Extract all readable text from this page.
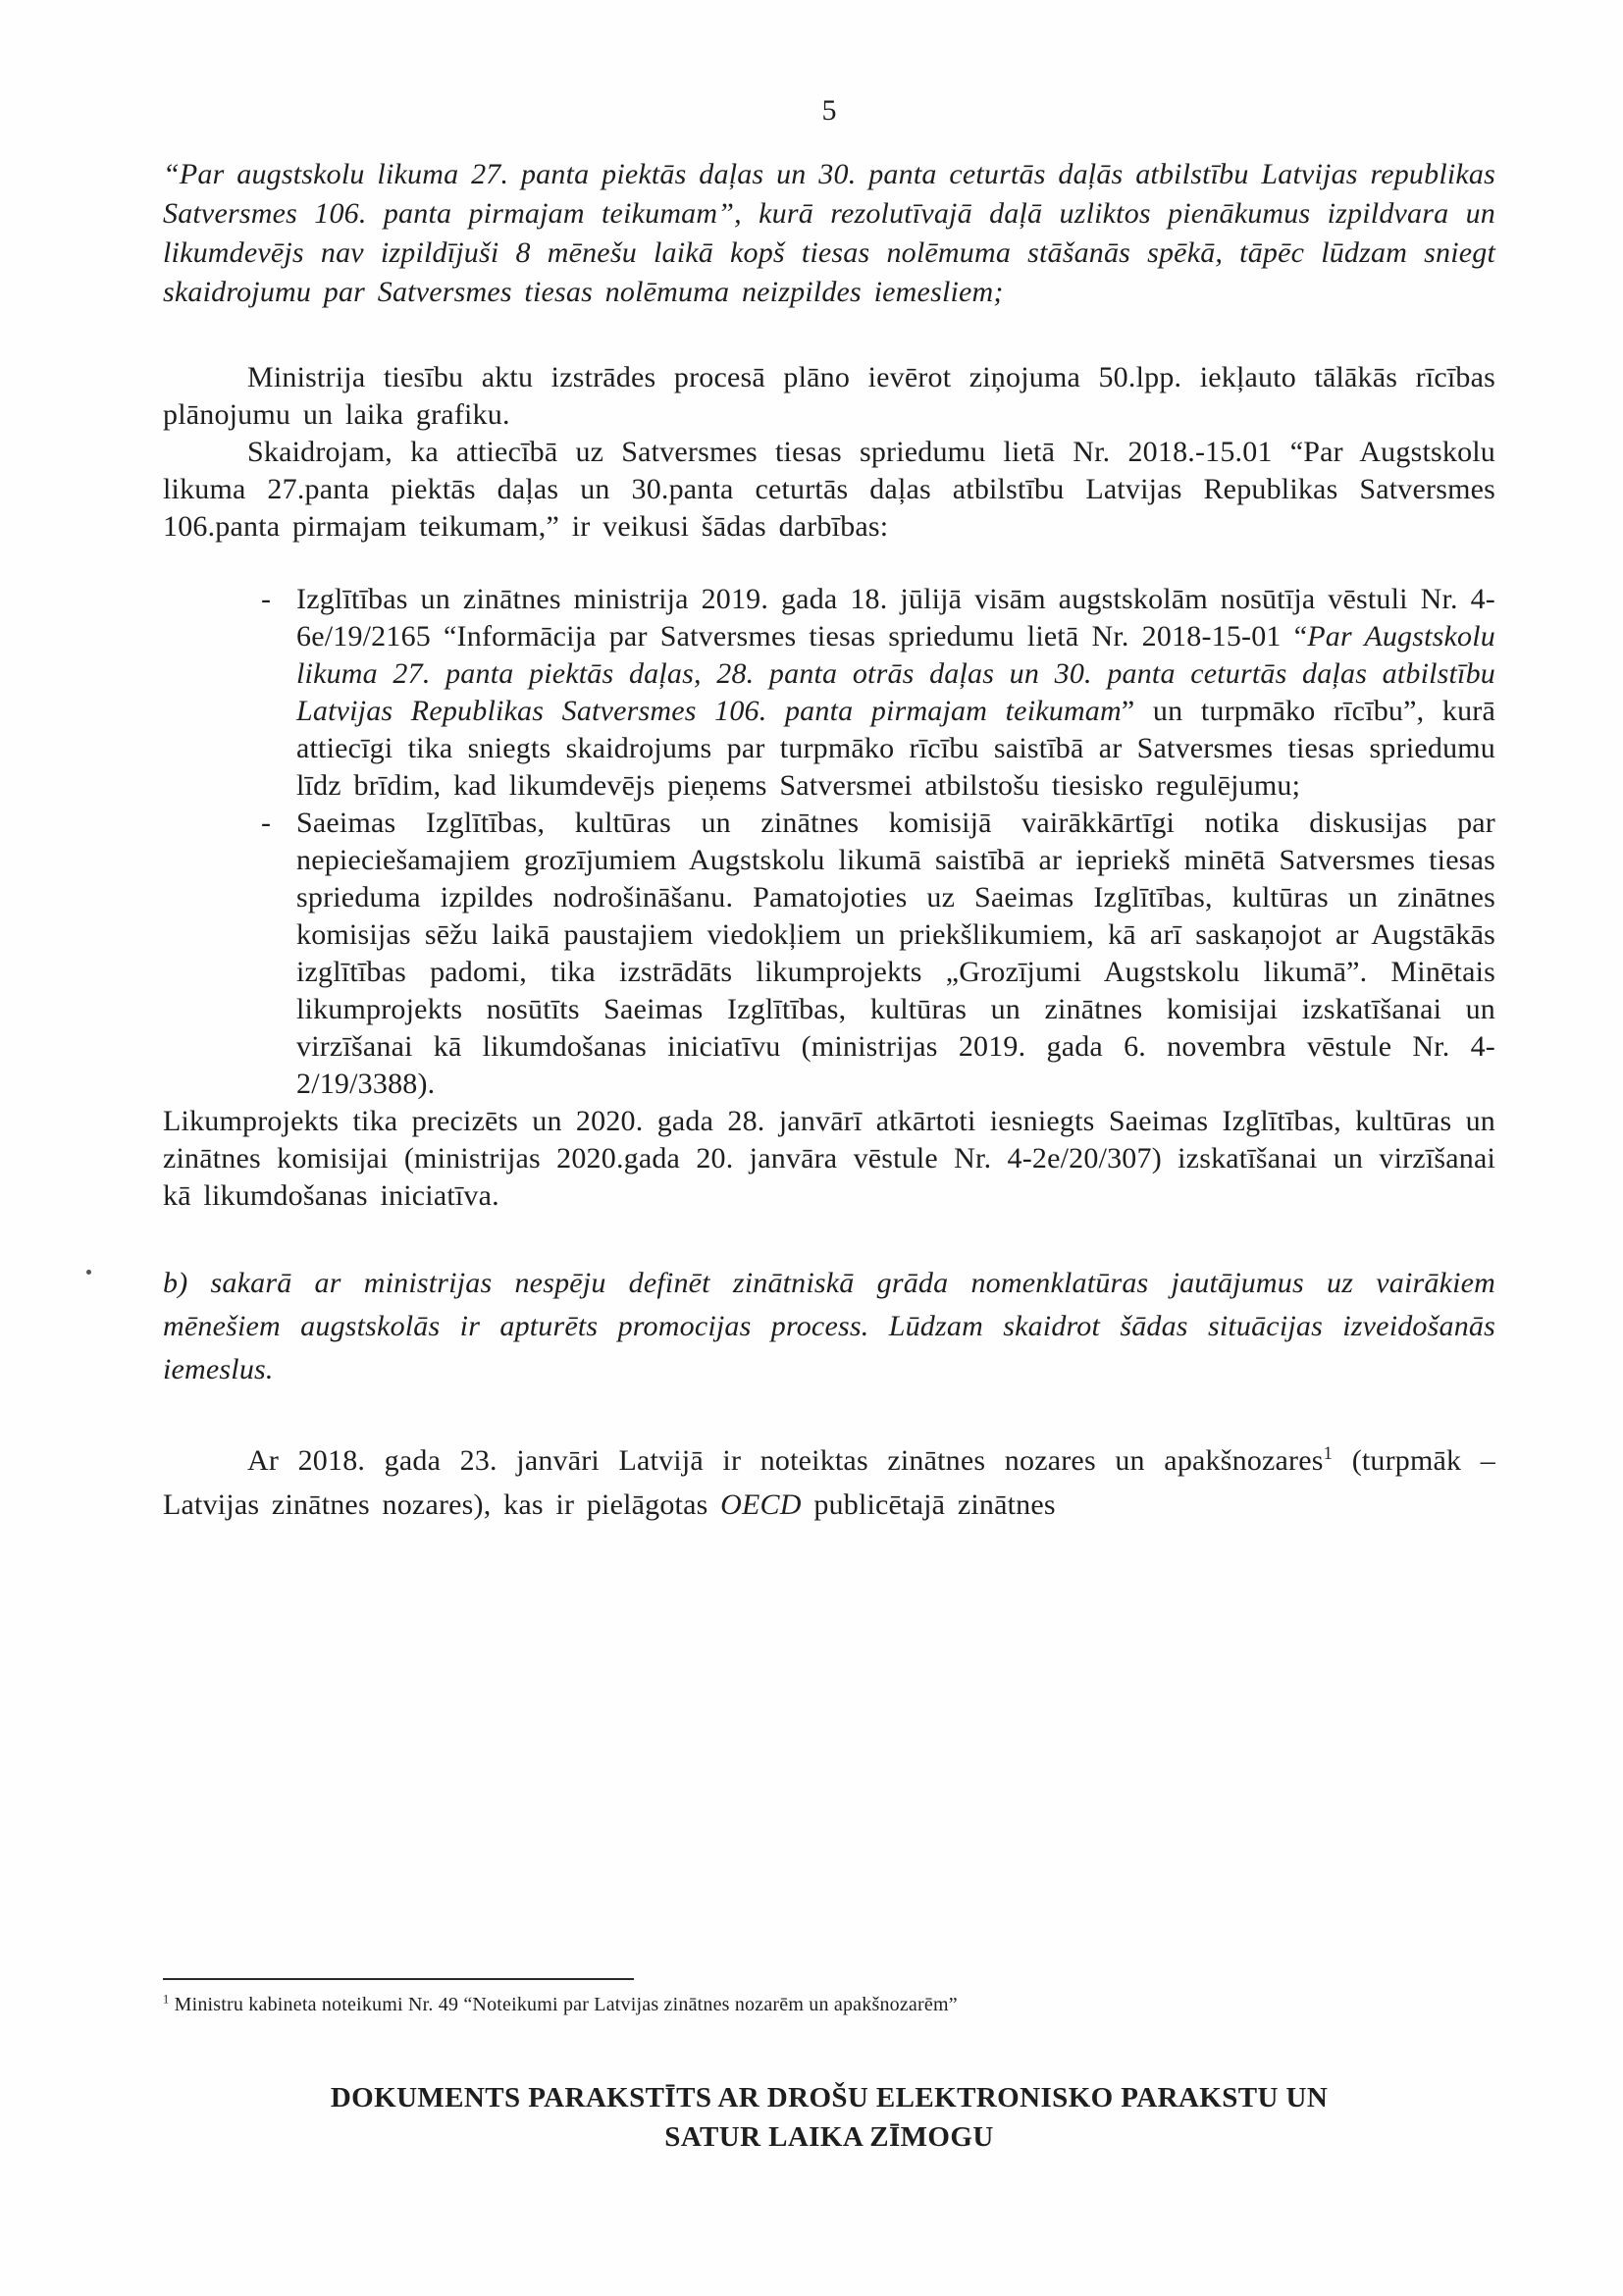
5

“Par augstskolu likuma 27. panta piektās daļas un 30. panta ceturtās daļās atbilstību Latvijas republikas Satversmes 106. panta pirmajam teikumam”, kurā rezolutīvajā daļā uzliktos pienākumus izpildvara un likumdevējs nav izpildījuši 8 mēnešu laikā kopš tiesas nolēmuma stāšanās spēkā, tāpēc lūdzam sniegt skaidrojumu par Satversmes tiesas nolēmuma neizpildes iemesliem;

Ministrija tiesību aktu izstrādes procesā plāno ievērot ziņojuma 50.lpp. iekļauto tālākās rīcības plānojumu un laika grafiku.

Skaidrojam, ka attiecībā uz Satversmes tiesas spriedumu lietā Nr. 2018.-15.01 “Par Augstskolu likuma 27.panta piektās daļas un 30.panta ceturtās daļas atbilstību Latvijas Republikas Satversmes 106.panta pirmajam teikumam,” ir veikusi šādas darbības:

- Izglītības un zinātnes ministrija 2019. gada 18. jūlijā visām augstskolām nosūtīja vēstuli Nr. 4-6e/19/2165 “Informācija par Satversmes tiesas spriedumu lietā Nr. 2018-15-01 “Par Augstskolu likuma 27. panta piektās daļas, 28. panta otrās daļas un 30. panta ceturtās daļas atbilstību Latvijas Republikas Satversmes 106. panta pirmajam teikumam” un turpmāko rīcību”, kurā attiecīgi tika sniegts skaidrojums par turpmāko rīcību saistībā ar Satversmes tiesas spriedumu līdz brīdim, kad likumdevējs pieņems Satversmei atbilstošu tiesisko regulējumu;
- Saeimas Izglītības, kultūras un zinātnes komisijā vairākkārtīgi notika diskusijas par nepieciešamajiem grozījumiem Augstskolu likumā saistībā ar iepriekš minētā Satversmes tiesas sprieduma izpildes nodrošināšanu. Pamatojoties uz Saeimas Izglītības, kultūras un zinātnes komisijas sēžu laikā paustajiem viedokļiem un priekšlikumiem, kā arī saskaņojot ar Augstākās izglītības padomi, tika izstrādāts likumprojekts „Grozījumi Augstskolu likumā”. Minētais likumprojekts nosūtīts Saeimas Izglītības, kultūras un zinātnes komisijai izskatīšanai un virzīšanai kā likumdošanas iniciatīvu (ministrijas 2019. gada 6. novembra vēstule Nr. 4-2/19/3388).

Likumprojekts tika precizēts un 2020. gada 28. janvārī atkārtoti iesniegts Saeimas Izglītības, kultūras un zinātnes komisijai (ministrijas 2020.gada 20. janvāra vēstule Nr. 4-2e/20/307) izskatīšanai un virzīšanai kā likumdošanas iniciatīva.

b) sakarā ar ministrijas nespēju definēt zinātniskā grāda nomenklatūras jautājumus uz vairākiem mēnešiem augstskolās ir apturēts promocijas process. Lūdzam skaidrot šādas situācijas izveidošanās iemeslus.

Ar 2018. gada 23. janvāri Latvijā ir noteiktas zinātnes nozares un apakšnozares$^1$ (turpmāk – Latvijas zinātnes nozares), kas ir pielāgotas OECD publicētajā zinātnes

$^1$ Ministru kabineta noteikumi Nr. 49 “Noteikumi par Latvijas zinātnes nozarēm un apakšnozarēm”

DOKUMENTS PARAKSTĪTS AR DROŠU ELEKTRONISKO PARAKSTU UN
SATUR LAIKA ZĪMOGU
